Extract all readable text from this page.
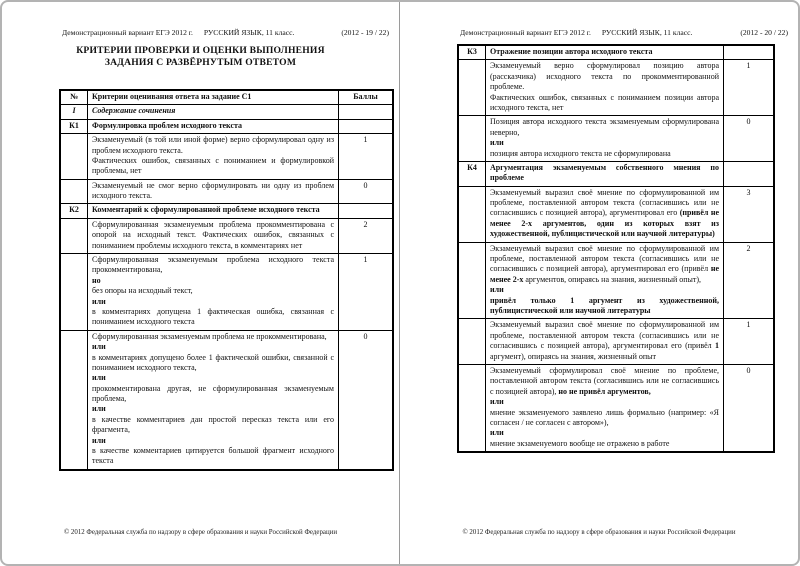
Демонстрационный вариант ЕГЭ 2012 г. РУССКИЙ ЯЗЫК, 11 класс.	(2012 - 19 / 22)
КРИТЕРИИ ПРОВЕРКИ И ОЦЕНКИ ВЫПОЛНЕНИЯ
ЗАДАНИЯ С РАЗВЁРНУТЫМ ОТВЕТОМ
№	Критерии оценивания ответа на задание С1	Баллы
I	Содержание сочинения	
К1	Формулировка проблем исходного текста	
	Экзаменуемый (в той или иной форме) верно сформулировал одну из проблем исходного текста.
Фактических ошибок, связанных с пониманием и формулировкой проблемы, нет	1
	Экзаменуемый не смог верно сформулировать ни одну из проблем исходного текста.	0
К2	Комментарий к сформулированной проблеме исходного текста	
	Сформулированная экзаменуемым проблема прокомментирована с опорой на исходный текст. Фактических ошибок, связанных с пониманием проблемы исходного текста, в комментариях нет	2
	Сформулированная экзаменуемым проблема исходного текста прокомментирована,
но
без опоры на исходный текст,
или
в комментариях допущена 1 фактическая ошибка, связанная с пониманием исходного текста	1
	Сформулированная экзаменуемым проблема не прокомментирована,
или
в комментариях допущено более 1 фактической ошибки, связанной с пониманием исходного текста,
или
прокомментирована другая, не сформулированная экзаменуемым проблема,
или
в качестве комментариев дан простой пересказ текста или его фрагмента,
или
в качестве комментариев цитируется большой фрагмент исходного текста	0
© 2012 Федеральная служба по надзору в сфере образования и науки Российской Федерации
Демонстрационный вариант ЕГЭ 2012 г. РУССКИЙ ЯЗЫК, 11 класс.	(2012 - 20 / 22)
К3	Отражение позиции автора исходного текста	
	Экзаменуемый верно сформулировал позицию автора (рассказчика) исходного текста по прокомментированной проблеме.
Фактических ошибок, связанных с пониманием позиции автора исходного текста, нет	1
	Позиция автора исходного текста экзаменуемым сформулирована неверно,
или
позиция автора исходного текста не сформулирована	0
К4	Аргументация экзаменуемым собственного мнения по проблеме	
	Экзаменуемый выразил своё мнение по сформулированной им проблеме, поставленной автором текста (согласившись или не согласившись с позицией автора), аргументировал его (привёл не менее 2-х аргументов, один из которых взят из художественной, публицистической или научной литературы)	3
	Экзаменуемый выразил своё мнение по сформулированной им проблеме, поставленной автором текста (согласившись или не согласившись с позицией автора), аргументировал его (привёл не менее 2-х аргументов, опираясь на знания, жизненный опыт),
или
привёл только 1 аргумент из художественной, публицистической или научной литературы	2
	Экзаменуемый выразил своё мнение по сформулированной им проблеме, поставленной автором текста (согласившись или не согласившись с позицией автора), аргументировал его (привёл 1 аргумент), опираясь на знания, жизненный опыт	1
	Экзаменуемый сформулировал своё мнение по проблеме, поставленной автором текста (согласившись или не согласившись с позицией автора), но не привёл аргументов,
или
мнение экзаменуемого заявлено лишь формально (например: «Я согласен / не согласен с автором»),
или
мнение экзаменуемого вообще не отражено в работе	0
© 2012 Федеральная служба по надзору в сфере образования и науки Российской Федерации
